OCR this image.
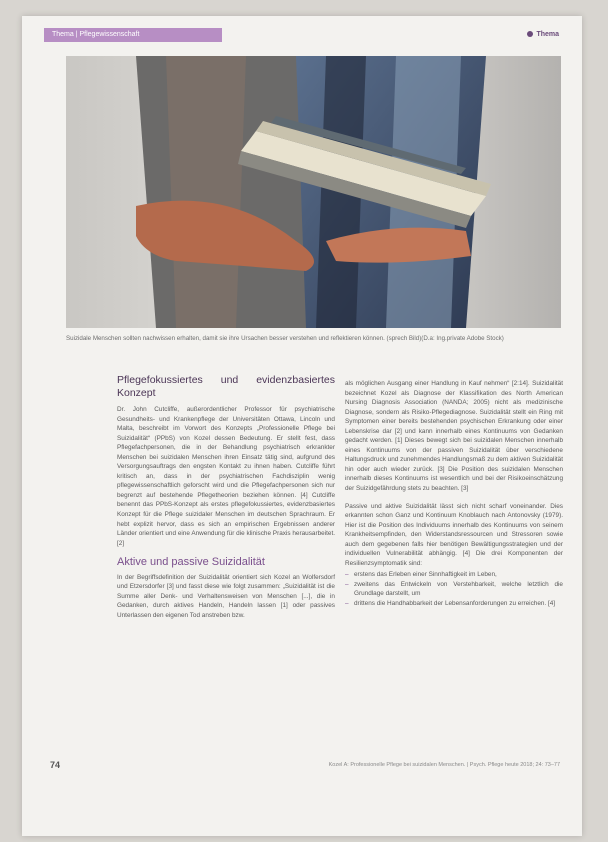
Thema | Pflegewissenschaft	Thema
Suizidale Menschen sollten nachwissen erhalten, damit sie ihre Ursachen besser verstehen und reflektieren können. (sprech Bild)(D.a: Ing.private Adobe Stock)
Pflegefokussiertes und evidenzbasiertes Konzept

Dr. John Cutcliffe, außerordentlicher Professor für psychiatrische Gesundheits- und Krankenpflege der Universitäten Ottawa, Lincoln und Malta, beschreibt im Vorwort des Konzepts „Professionelle Pflege bei Suizidalität“ (PPbS) von Kozel dessen Bedeutung. Er stellt fest, dass Pflegefachpersonen, die in der Behandlung psychiatrisch erkrankter Menschen bei suizidalen Menschen ihren Einsatz tätig sind, aufgrund des Versorgungsauftrags den engsten Kontakt zu ihnen haben. Cutcliffe führt kritisch an, dass in der psychiatrischen Fachdisziplin wenig pflegewissenschaftlich geforscht wird und die Pflegefachpersonen sich nur begrenzt auf bestehende Pflegetheorien beziehen können. [4] Cutcliffe benennt das PPbS-Konzept als erstes pflegefokussiertes, evidenzbasiertes Konzept für die Pflege suizidaler Menschen im deutschen Sprachraum. Er hebt explizit hervor, dass es sich an empirischen Ergebnissen anderer Länder orientiert und eine Anwendung für die klinische Praxis herausarbeitet. [2]

Aktive und passive Suizidalität

In der Begriffsdefinition der Suizidalität orientiert sich Kozel an Wolfersdorf und Etzersdorfer [3] und fasst diese wie folgt zusammen: „Suizidalität ist die Summe aller Denk- und Verhaltensweisen von Menschen [...], die in Gedanken, durch aktives Handeln, Handeln lassen [1] oder passives Unterlassen den eigenen Tod anstreben bzw.

als möglichen Ausgang einer Handlung in Kauf nehmen“ [2:14]. Suizidalität bezeichnet Kozel als Diagnose der Klassifikation des North American Nursing Diagnosis Association (NANDA; 2005) nicht als medizinische Diagnose, sondern als Risiko-Pflegediagnose. Suizidalität stellt ein Ring mit Symptomen einer bereits bestehenden psychischen Erkrankung oder einer Lebenskrise dar [2] und kann innerhalb eines Kontinuums von Gedanken gedacht werden. [1] Dieses bewegt sich bei suizidalen Menschen innerhalb eines Kontinuums von der passiven Suizidalität über verschiedene Haltungsdruck und zunehmendes Handlungsmaß zu dem aktiven Suizidalität hin oder auch wieder zurück. [3] Die Position des suizidalen Menschen innerhalb dieses Kontinuums ist wesentlich und bei der Risikoeinschätzung der Suizidgefährdung stets zu beachten. [3]

Passive und aktive Suizidalität lässt sich nicht scharf voneinander. Dies erkannten schon Ganz und Kontinuum Knoblauch nach Antonovsky (1979). Hier ist die Position des Individuums innerhalb des Kontinuums von seinem Krankheitsempfinden, den Widerstandsressourcen und Stressoren sowie auch dem gegebenen falls hier benötigen Bewältigungsstrategien und der individuellen Vulnerabilität abhängig. [4] Die drei Komponenten der Resilienzsymptomatik sind:

– erstens das Erleben einer Sinnhaftigkeit im Leben,
– zweitens das Entwickeln von Verstehbarkeit, welche letztlich die Grundlage darstellt, um
– drittens die Handhabbarkeit der Lebensanforderungen zu erreichen. [4]
74	Kozel A: Professionelle Pflege bei suizidalen Menschen. | Psych. Pflege heute 2018; 24: 73–77
